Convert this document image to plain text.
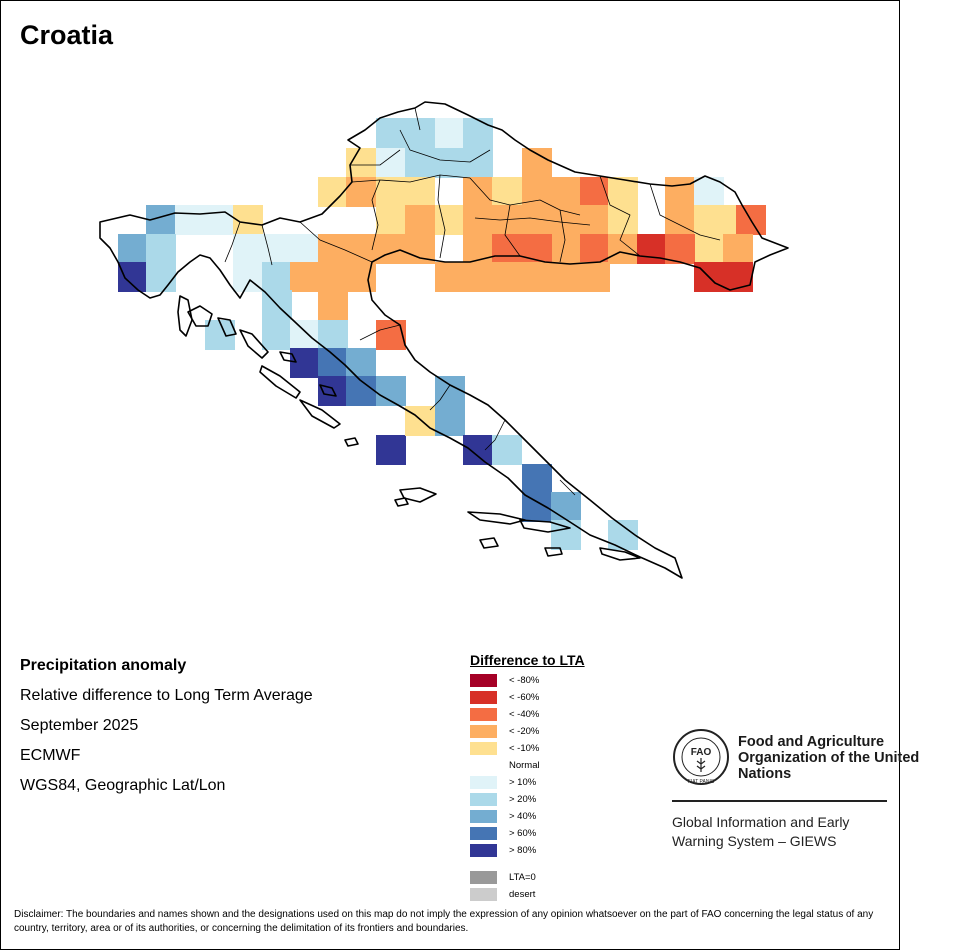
Croatia
Precipitation anomaly
Relative difference to Long Term Average
September 2025
ECMWF
WGS84, Geographic Lat/Lon
Difference to LTA
< -80%
< -60%
< -40%
< -20%
< -10%
Normal
> 10%
> 20%
> 40%
> 60%
> 80%
LTA=0
desert
FAO
FIAT PANIS
Food and Agriculture Organization of the United Nations
Global Information and Early Warning System – GIEWS
Disclaimer: The boundaries and names shown and the designations used on this map do not imply the expression of any opinion whatsoever on the part of FAO concerning the legal status of any country, territory, area or of its authorities, or concerning the delimitation of its frontiers and boundaries.
